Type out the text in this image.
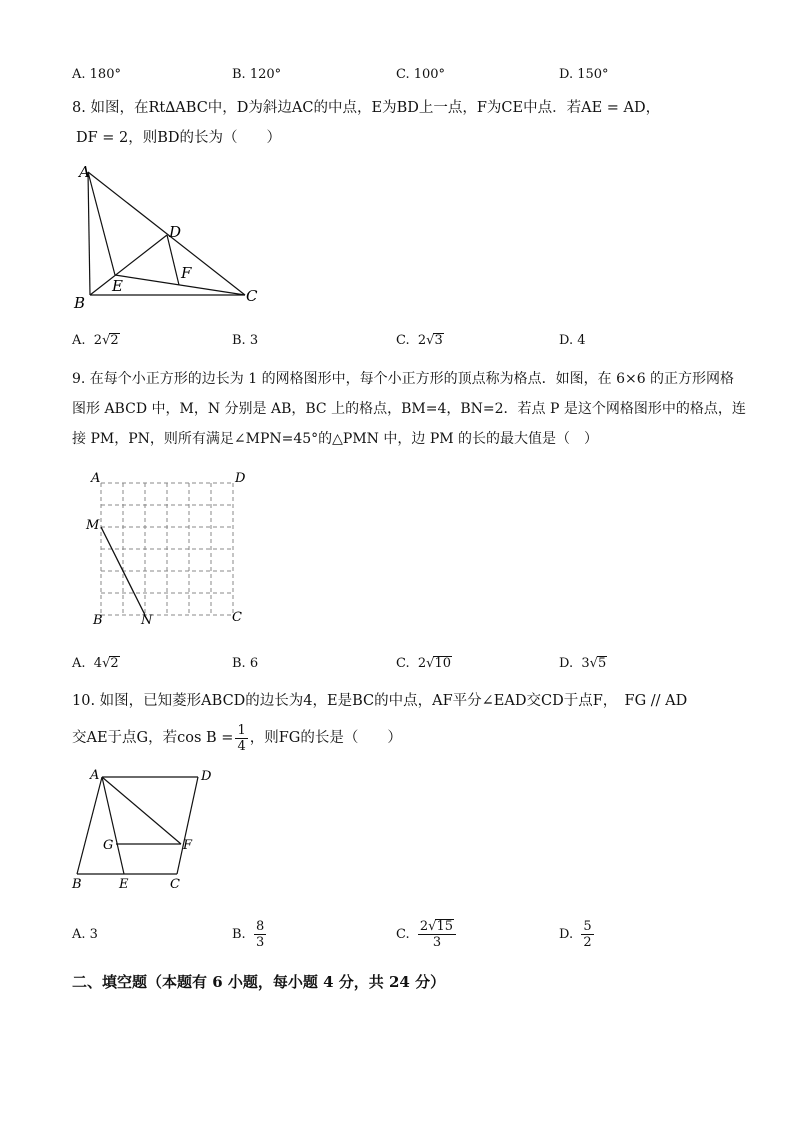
A. 180°	B. 120°	C. 100°	D. 150°
8. 如图，在Rt∆ABC中，D为斜边AC的中点，E为BD上一点，F为CE中点．若AE = AD，
DF = 2，则BD的长为（　　）
A
B	C
D
E
F
A. 2√2	B. 3	C. 2√3	D. 4
9. 在每个小正方形的边长为 1 的网格图形中，每个小正方形的顶点称为格点．如图，在 6×6 的正方形网格
图形 ABCD 中，M，N 分别是 AB，BC 上的格点，BM=4，BN=2．若点 P 是这个网格图形中的格点，连
接 PM，PN，则所有满足∠MPN=45°的△PMN 中，边 PM 的长的最大值是（　）
A	D
M
B	N	C
A. 4√2	B. 6	C. 2√10	D. 3√5
10. 如图，已知菱形ABCD的边长为4，E是BC的中点，AF平分∠EAD交CD于点F，　FG // AD
交AE于点G，若$\cos B = \frac{1}{4}$ ，则FG的长是（　　）
A	D
G	F
B	E	C
A. 3	B.
$\frac{8}{3}$	C.
$\frac{2√15}{3}$	D.
$\frac{5}{2}$
二、填空题（本题有 6 小题，每小题 4 分，共 24 分）
